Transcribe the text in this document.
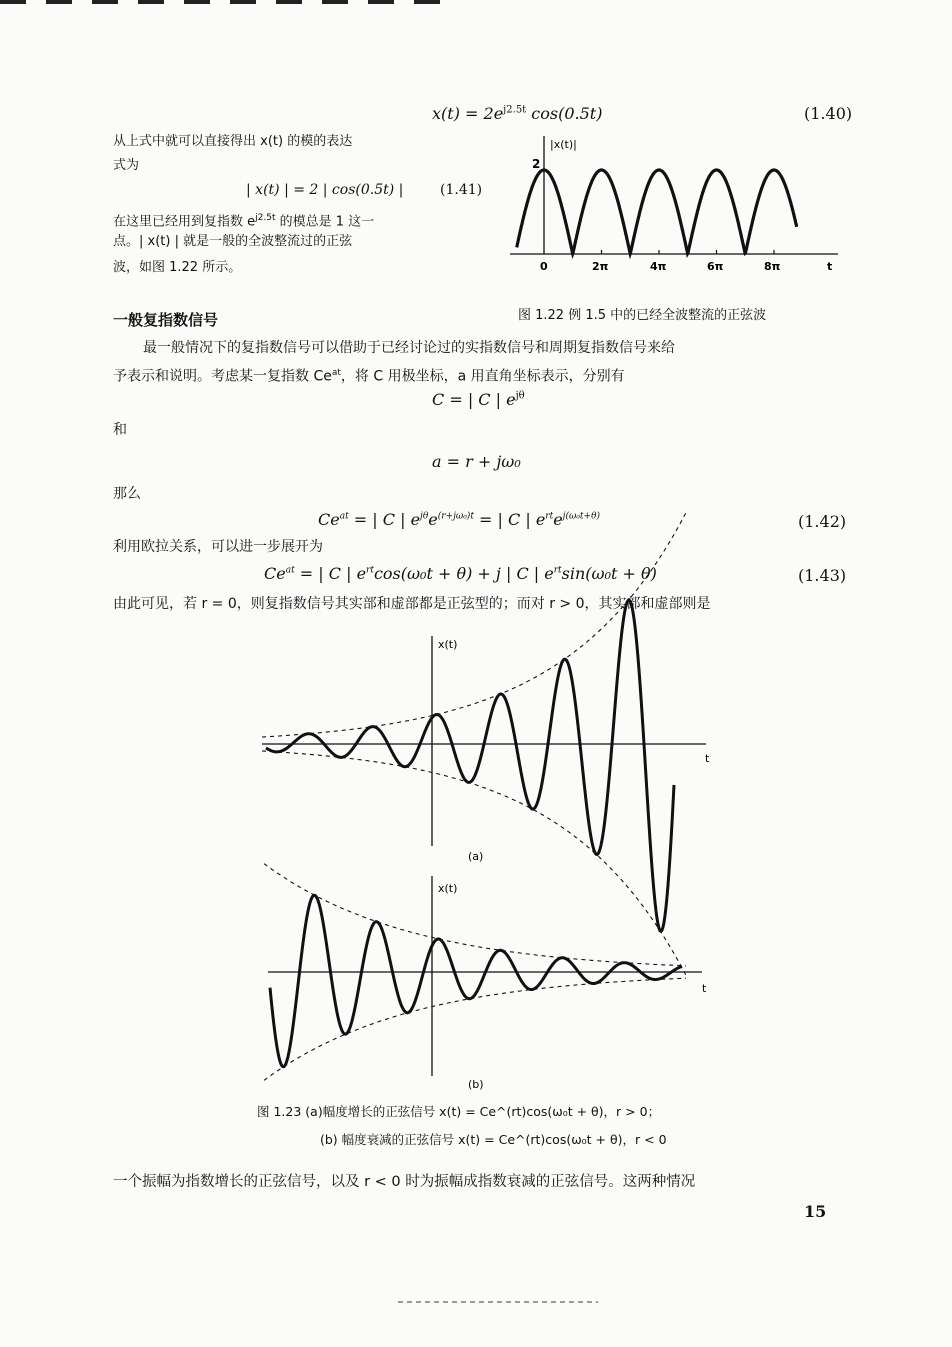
$x(t) = 2e^{j2.5t}$ cos(0.5t)	(1.40)
从上式中就可以直接得出 x(t) 的模的表达
式为
| x(t) | = 2 | cos(0.5t) |	(1.41)
在这里已经用到复指数 $e^{j2.5t}$ 的模总是 1 这一
点。| x(t) | 就是一般的全波整流过的正弦
波，如图 1.22 所示。
|x(t)|
2
0	2π	4π	6π	8π	t
图 1.22 例 1.5 中的已经全波整流的正弦波
一般复指数信号
最一般情况下的复指数信号可以借助于已经讨论过的实指数信号和周期复指数信号来给
予表示和说明。考虑某一复指数 $Ce^{at}$，将 C 用极坐标，a 用直角坐标表示，分别有
C = | C | $e^{j\theta}$
和
a = r + jω₀
那么
$Ce^{at}$ = | C | $e^{j\theta}e^{(r+j\omega_0)t}$ = | C | $e^{rt}e^{j(\omega_0t+\theta)}$	(1.42)
利用欧拉关系，可以进一步展开为
$Ce^{at}$ = | C | $e^{rt}\cos(\omega_0t + \theta) + j$ | C | $e^{rt}\sin(\omega_0t + \theta)$	(1.43)
由此可见，若 r = 0，则复指数信号其实部和虚部都是正弦型的；而对 r > 0，其实部和虚部则是
x(t)
t
(a)
x(t)
t
(b)
图 1.23 (a)幅度增长的正弦信号 x(t) = Ce^(rt)cos(ω₀t + θ)，r > 0；
(b) 幅度衰减的正弦信号 x(t) = Ce^(rt)cos(ω₀t + θ)，r < 0
一个振幅为指数增长的正弦信号，以及 r < 0 时为振幅成指数衰减的正弦信号。这两种情况
15
